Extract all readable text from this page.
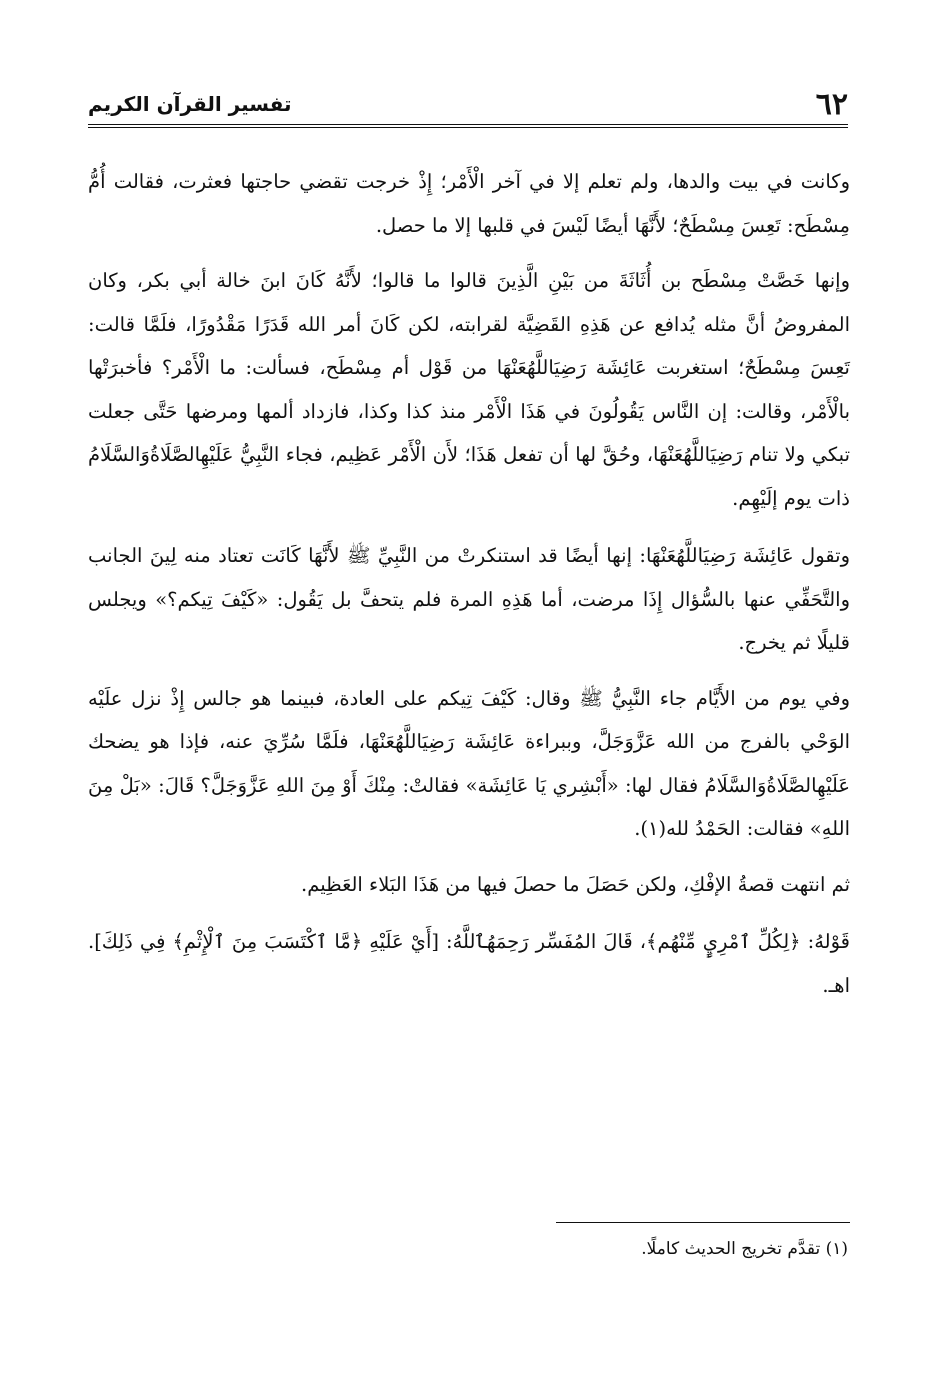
٦٢
تفسير القرآن الكريم

وكانت في بيت والدها، ولم تعلم إلا في آخر الْأَمْر؛ إِذْ خرجت تقضي حاجتها فعثرت، فقالت أُمُّ مِسْطَح: تَعِسَ مِسْطَحٌ؛ لأَنَّهَا أيضًا لَيْسَ في قلبها إلا ما حصل.

وإنها خَصَّتْ مِسْطَح بن أُثَاثَةَ من بَيْنِ الَّذِينَ قالوا ما قالوا؛ لأَنَّهُ كَانَ ابنَ خالة أبي بكر، وكان المفروضُ أنَّ مثله يُدافع عن هَذِهِ القَضِيَّة لقرابته، لكن كَانَ أمر الله قَدَرًا مَقْدُورًا، فلَمَّا قالت: تَعِسَ مِسْطَحٌ؛ استغربت عَائِشَة رَضِيَاللَّهُعَنْهَا من قَوْل أم مِسْطَح، فسألت: ما الْأَمْر؟ فأخبرَتْها بالْأَمْر، وقالت: إن النَّاس يَقُولُونَ في هَذَا الْأَمْر منذ كذا وكذا، فازداد ألمها ومرضها حَتَّى جعلت تبكي ولا تنام رَضِيَاللَّهُعَنْهَا، وحُقَّ لها أن تفعل هَذَا؛ لأَن الْأَمْر عَظِيم، فجاء النَّبِيُّ عَلَيْهِالصَّلَاةُوَالسَّلَامُ ذات يوم إلَيْهِم.

وتقول عَائِشَة رَضِيَاللَّهُعَنْهَا: إنها أيضًا قد استنكرتْ من النَّبِيِّ ﷺ لأَنَّهَا كَانَت تعتاد منه لِينَ الجانب والتَّحَفِّي عنها بالسُّؤال إِذَا مرضت، أما هَذِهِ المرة فلم يتحفَّ بل يَقُول: «كَيْفَ تِيكم؟» ويجلس قليلًا ثم يخرج.

وفي يوم من الأَيَّام جاء النَّبِيُّ ﷺ وقال: كَيْفَ تِيكم على العادة، فبينما هو جالس إِذْ نزل علَيْه الوَحْي بالفرج من الله عَزَّوَجَلَّ، وببراءة عَائِشَة رَضِيَاللَّهُعَنْهَا، فلَمَّا سُرِّيَ عنه، فإذا هو يضحك عَلَيْهِالصَّلَاةُوَالسَّلَامُ فقال لها: «أَبْشِري يَا عَائِشَة» فقالتْ: مِنْكَ أَوْ مِنَ اللهِ عَزَّوَجَلَّ؟ قَالَ: «بَلْ مِنَ اللهِ» فقالت: الحَمْدُ لله(١).

ثم انتهت قصةُ الإفْكِ، ولكن حَصَلَ ما حصلَ فيها من هَذَا البَلاء العَظِيم.

قَوْلهُ: ﴿لِكُلِّ ٱمْرِيٍٕ مِّنْهُم﴾، قَالَ المُفَسِّر رَحِمَهُٱللَّهُ: [أَيْ عَلَيْهِ ﴿مَّا ٱكْتَسَبَ مِنَ ٱلْإِثْمِ﴾ فِي ذَلِكَ]. اهـ.

(١) تقدَّم تخريج الحديث كاملًا.
